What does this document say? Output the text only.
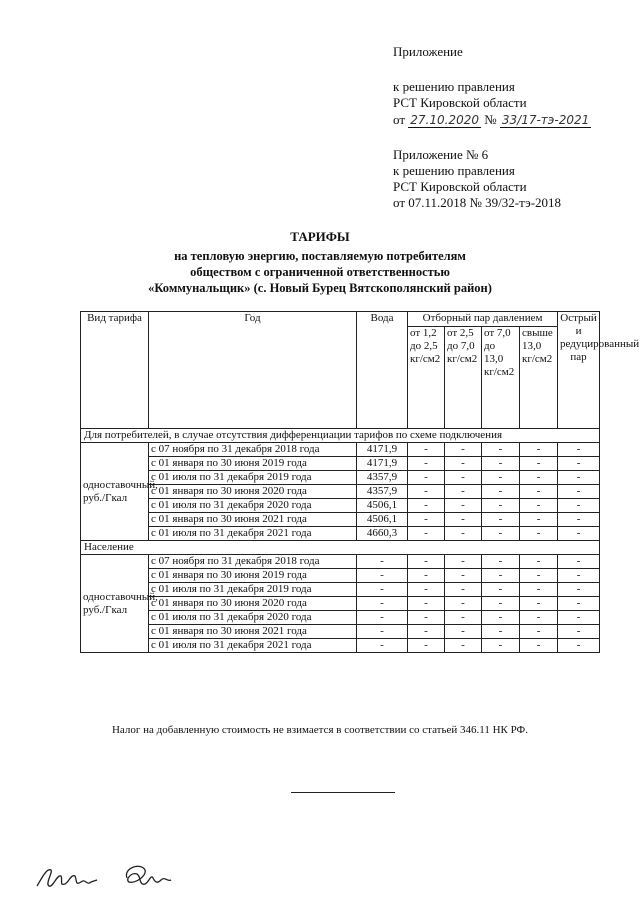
Приложение
к решению правления
РСТ Кировской области
от 27.10.2020 № 33/17-тэ-2021
Приложение № 6
к решению правления
РСТ Кировской области
от 07.11.2018 № 39/32-тэ-2018
ТАРИФЫ
на тепловую энергию, поставляемую потребителям
обществом с ограниченной ответственностью
«Коммунальщик» (с. Новый Бурец Вятскополянский район)
Вид тарифа	Год	Вода	Отборный пар давлением				Острый и редуцированный пар
			от 1,2 до 2,5 кг/см2	от 2,5 до 7,0 кг/см2	от 7,0 до 13,0 кг/см2	свыше 13,0 кг/см2	
Для потребителей, в случае отсутствия дифференциации тарифов по схеме подключения							
одноставочный, руб./Гкал	с 07 ноября по 31 декабря 2018 года	4171,9	-	-	-	-	-
	с 01 января по 30 июня 2019 года	4171,9	-	-	-	-	-
	с 01 июля по 31 декабря 2019 года	4357,9	-	-	-	-	-
	с 01 января по 30 июня 2020 года	4357,9	-	-	-	-	-
	с 01 июля по 31 декабря 2020 года	4506,1	-	-	-	-	-
	с 01 января по 30 июня 2021 года	4506,1	-	-	-	-	-
	с 01 июля по 31 декабря 2021 года	4660,3	-	-	-	-	-
Население							
одноставочный, руб./Гкал	с 07 ноября по 31 декабря 2018 года	-	-	-	-	-	-
	с 01 января по 30 июня 2019 года	-	-	-	-	-	-
	с 01 июля по 31 декабря 2019 года	-	-	-	-	-	-
	с 01 января по 30 июня 2020 года	-	-	-	-	-	-
	с 01 июля по 31 декабря 2020 года	-	-	-	-	-	-
	с 01 января по 30 июня 2021 года	-	-	-	-	-	-
	с 01 июля по 31 декабря 2021 года	-	-	-	-	-	-
Налог на добавленную стоимость не взимается в соответствии со статьей 346.11 НК РФ.
